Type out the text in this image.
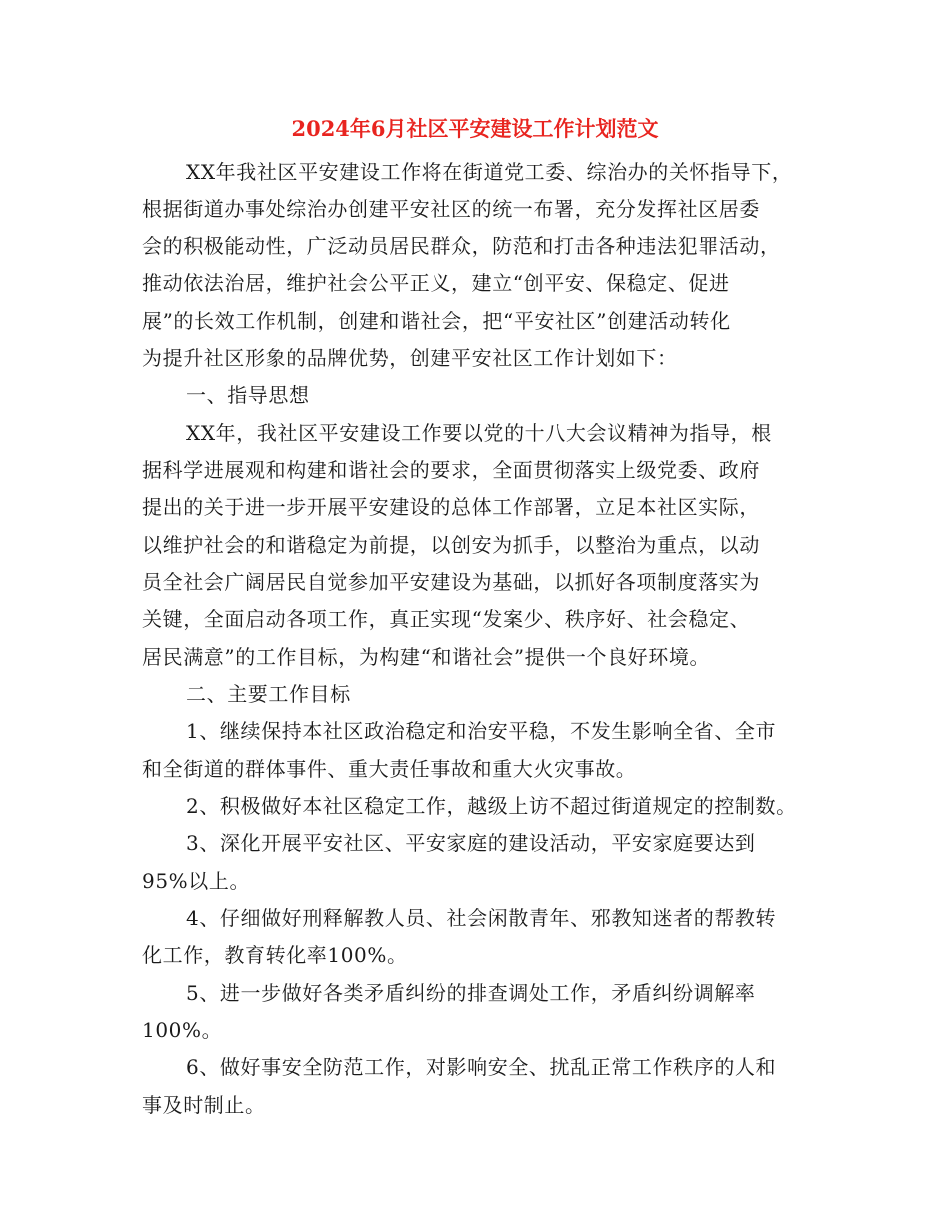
2024年6月社区平安建设工作计划范文
XX年我社区平安建设工作将在街道党工委、综治办的关怀指导下，
根据街道办事处综治办创建平安社区的统一布署，充分发挥社区居委
会的积极能动性，广泛动员居民群众，防范和打击各种违法犯罪活动，
推动依法治居，维护社会公平正义，建立“创平安、保稳定、促进
展”的长效工作机制，创建和谐社会，把“平安社区”创建活动转化
为提升社区形象的品牌优势，创建平安社区工作计划如下：
一、指导思想
XX年，我社区平安建设工作要以党的十八大会议精神为指导，根
据科学进展观和构建和谐社会的要求，全面贯彻落实上级党委、政府
提出的关于进一步开展平安建设的总体工作部署，立足本社区实际，
以维护社会的和谐稳定为前提，以创安为抓手，以整治为重点，以动
员全社会广阔居民自觉参加平安建设为基础，以抓好各项制度落实为
关键，全面启动各项工作，真正实现“发案少、秩序好、社会稳定、
居民满意”的工作目标，为构建“和谐社会”提供一个良好环境。
二、主要工作目标
1、继续保持本社区政治稳定和治安平稳，不发生影响全省、全市
和全街道的群体事件、重大责任事故和重大火灾事故。
2、积极做好本社区稳定工作，越级上访不超过街道规定的控制数。
3、深化开展平安社区、平安家庭的建设活动，平安家庭要达到
95%以上。
4、仔细做好刑释解教人员、社会闲散青年、邪教知迷者的帮教转
化工作，教育转化率100%。
5、进一步做好各类矛盾纠纷的排查调处工作，矛盾纠纷调解率
100%。
6、做好事安全防范工作，对影响安全、扰乱正常工作秩序的人和
事及时制止。
